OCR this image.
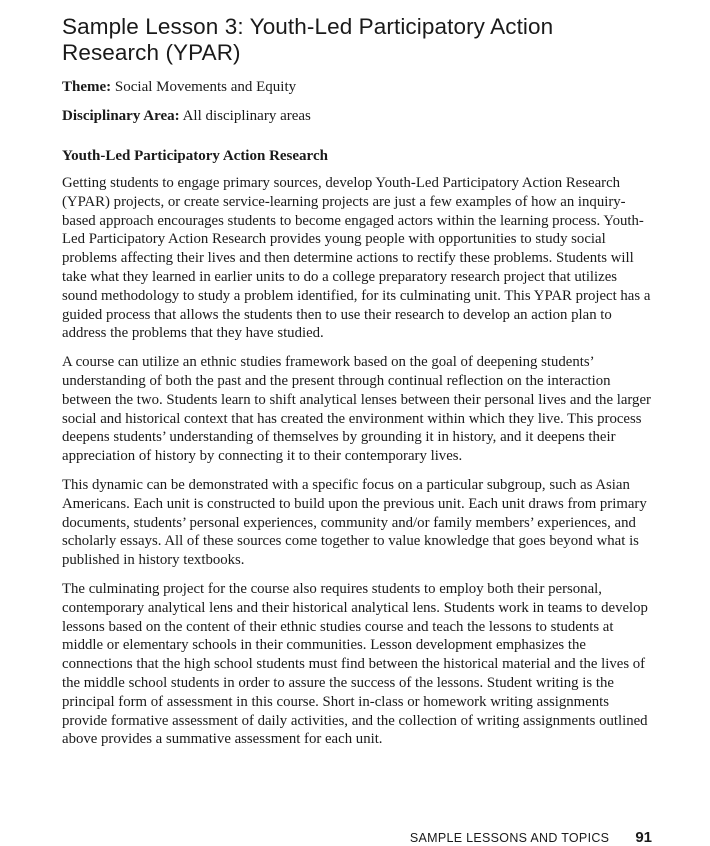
Sample Lesson 3: Youth-Led Participatory Action Research (YPAR)

Theme: Social Movements and Equity

Disciplinary Area: All disciplinary areas

Youth-Led Participatory Action Research

Getting students to engage primary sources, develop Youth-Led Participatory Action Research (YPAR) projects, or create service-learning projects are just a few examples of how an inquiry-based approach encourages students to become engaged actors within the learning process. Youth-Led Participatory Action Research provides young people with opportunities to study social problems affecting their lives and then determine actions to rectify these problems. Students will take what they learned in earlier units to do a college preparatory research project that utilizes sound methodology to study a problem identified, for its culminating unit. This YPAR project has a guided process that allows the students then to use their research to develop an action plan to address the problems that they have studied.

A course can utilize an ethnic studies framework based on the goal of deepening students’ understanding of both the past and the present through continual reflection on the interaction between the two. Students learn to shift analytical lenses between their personal lives and the larger social and historical context that has created the environment within which they live. This process deepens students’ understanding of themselves by grounding it in history, and it deepens their appreciation of history by connecting it to their contemporary lives.

This dynamic can be demonstrated with a specific focus on a particular subgroup, such as Asian Americans. Each unit is constructed to build upon the previous unit. Each unit draws from primary documents, students’ personal experiences, community and/or family members’ experiences, and scholarly essays. All of these sources come together to value knowledge that goes beyond what is published in history textbooks.

The culminating project for the course also requires students to employ both their personal, contemporary analytical lens and their historical analytical lens. Students work in teams to develop lessons based on the content of their ethnic studies course and teach the lessons to students at middle or elementary schools in their communities. Lesson development emphasizes the connections that the high school students must find between the historical material and the lives of the middle school students in order to assure the success of the lessons. Student writing is the principal form of assessment in this course. Short in-class or homework writing assignments provide formative assessment of daily activities, and the collection of writing assignments outlined above provides a summative assessment for each unit.

SAMPLE LESSONS AND TOPICS 91
